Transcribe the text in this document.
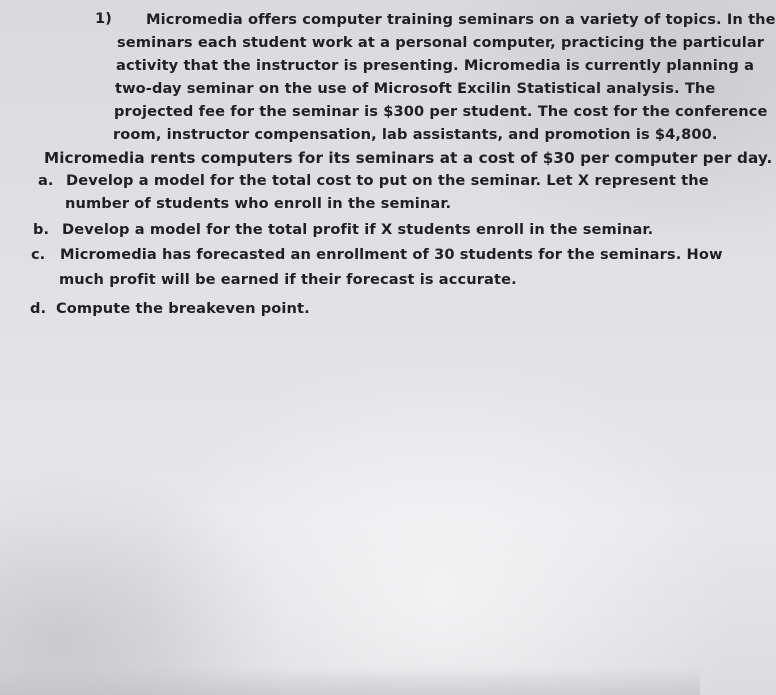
1) Micromedia offers computer training seminars on a variety of topics. In the
seminars each student work at a personal computer, practicing the particular
activity that the instructor is presenting. Micromedia is currently planning a
two-day seminar on the use of Microsoft Excilin Statistical analysis. The
projected fee for the seminar is $300 per student. The cost for the conference
room, instructor compensation, lab assistants, and promotion is $4,800.
Micromedia rents computers for its seminars at a cost of $30 per computer per day.
a. Develop a model for the total cost to put on the seminar. Let X represent the
number of students who enroll in the seminar.
b. Develop a model for the total profit if X students enroll in the seminar.
c. Micromedia has forecasted an enrollment of 30 students for the seminars. How
much profit will be earned if their forecast is accurate.
d. Compute the breakeven point.
